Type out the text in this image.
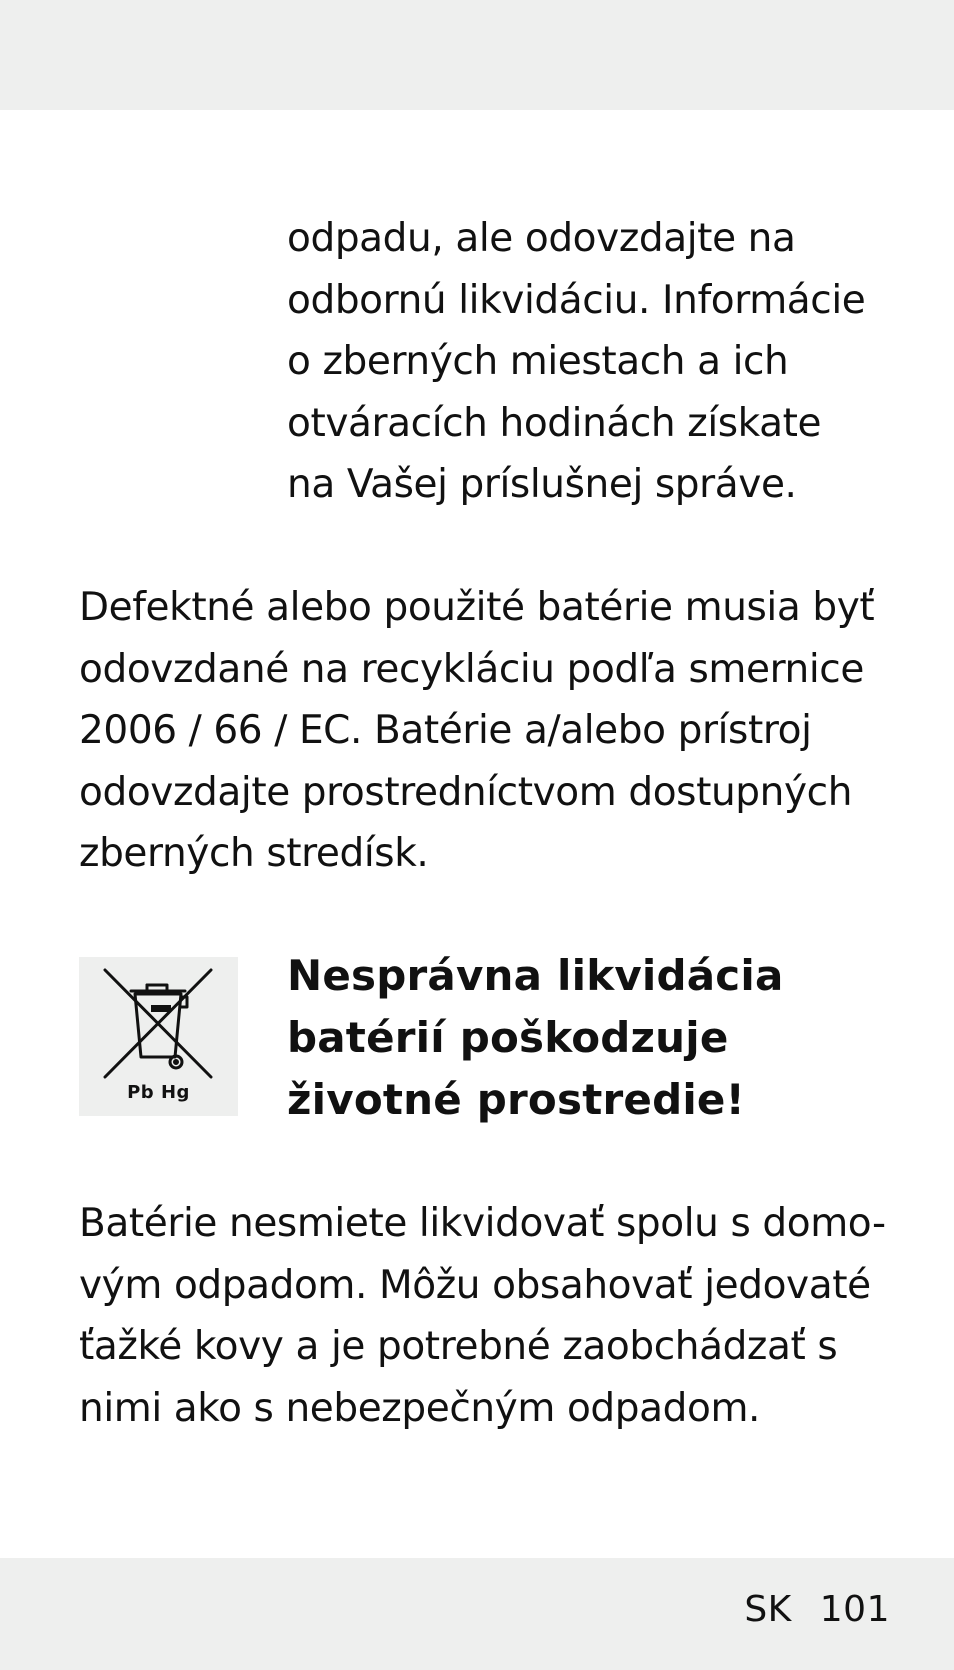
odpadu, ale odovzdajte na
odbornú likvidáciu. Informácie
o zberných miestach a ich
otváracích hodinách získate
na Vašej príslušnej správe.

Defektné alebo použité batérie musia byť
odovzdané na recykláciu podľa smernice
2006 / 66 / EC. Batérie a/alebo prístroj
odovzdajte prostredníctvom dostupných
zberných stredísk.

Pb Hg
Nesprávna likvidácia
batérií poškodzuje
životné prostredie!

Batérie nesmiete likvidovať spolu s domo-
vým odpadom. Môžu obsahovať jedovaté
ťažké kovy a je potrebné zaobchádzať s
nimi ako s nebezpečným odpadom.

SK 101
